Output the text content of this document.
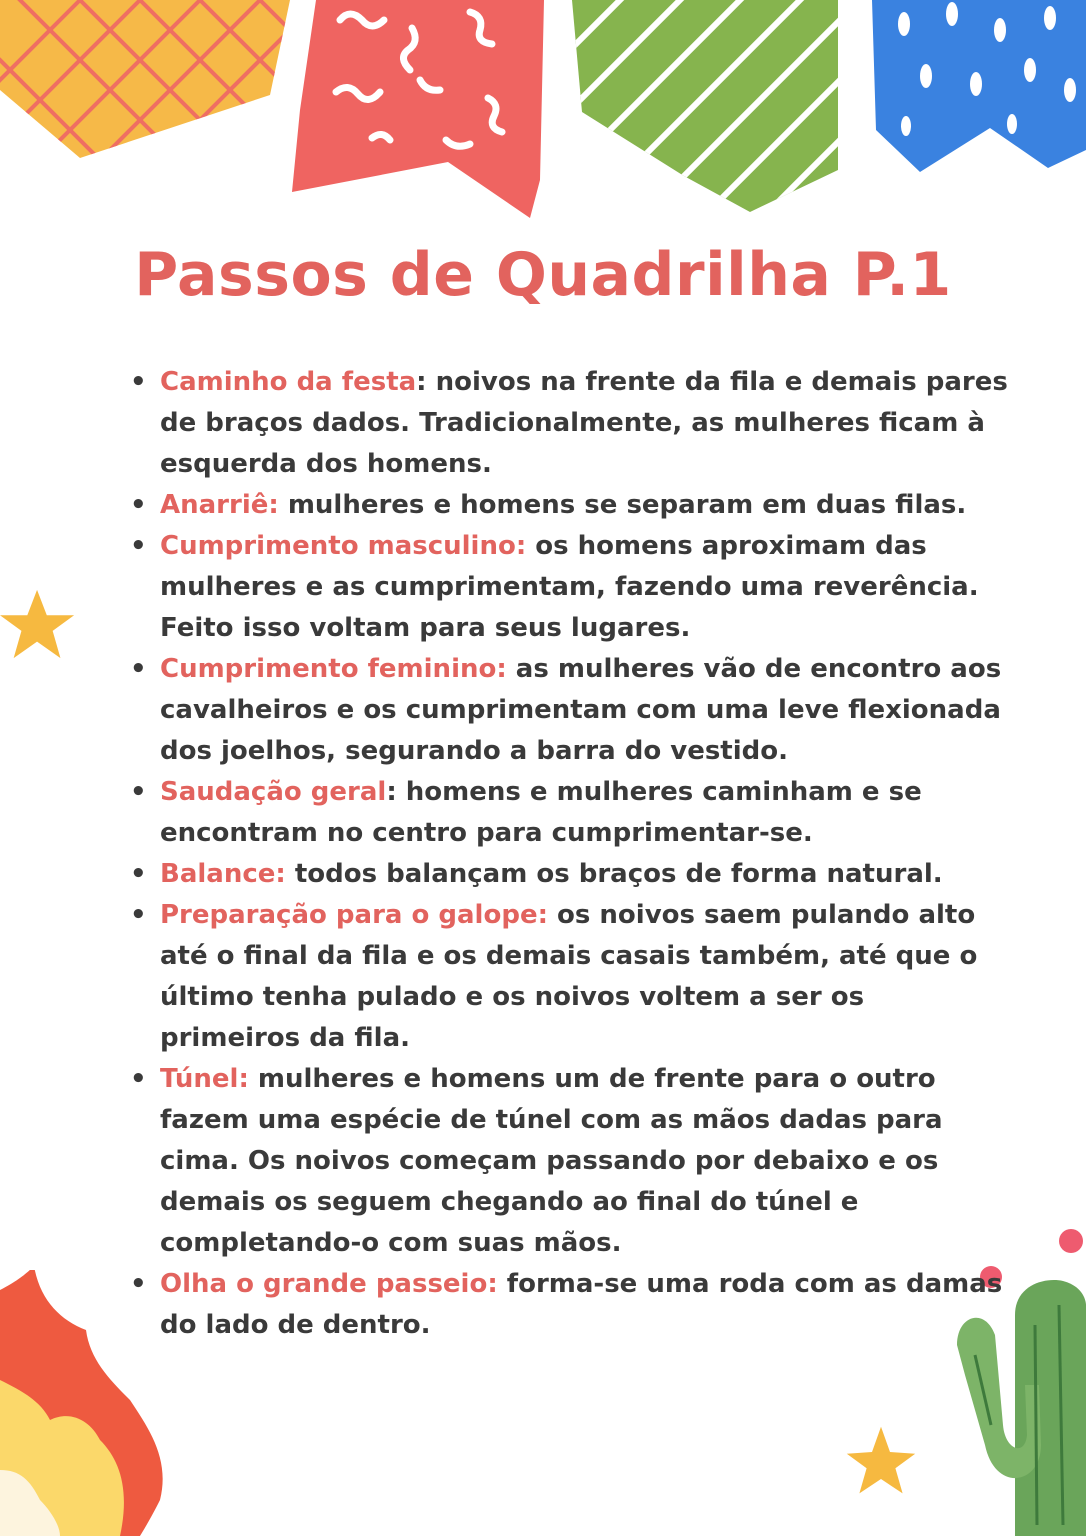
Passos de Quadrilha P.1
• Caminho da festa: noivos na frente da fila e demais pares de braços dados. Tradicionalmente, as mulheres ficam à esquerda dos homens.
• Anarriê: mulheres e homens se separam em duas filas.
• Cumprimento masculino: os homens aproximam das mulheres e as cumprimentam, fazendo uma reverência. Feito isso voltam para seus lugares.
• Cumprimento feminino: as mulheres vão de encontro aos cavalheiros e os cumprimentam com uma leve flexionada dos joelhos, segurando a barra do vestido.
• Saudação geral: homens e mulheres caminham e se encontram no centro para cumprimentar-se.
• Balance: todos balançam os braços de forma natural.
• Preparação para o galope: os noivos saem pulando alto até o final da fila e os demais casais também, até que o último tenha pulado e os noivos voltem a ser os primeiros da fila.
• Túnel: mulheres e homens um de frente para o outro fazem uma espécie de túnel com as mãos dadas para cima. Os noivos começam passando por debaixo e os demais os seguem chegando ao final do túnel e completando-o com suas mãos.
• Olha o grande passeio: forma-se uma roda com as damas do lado de dentro.
